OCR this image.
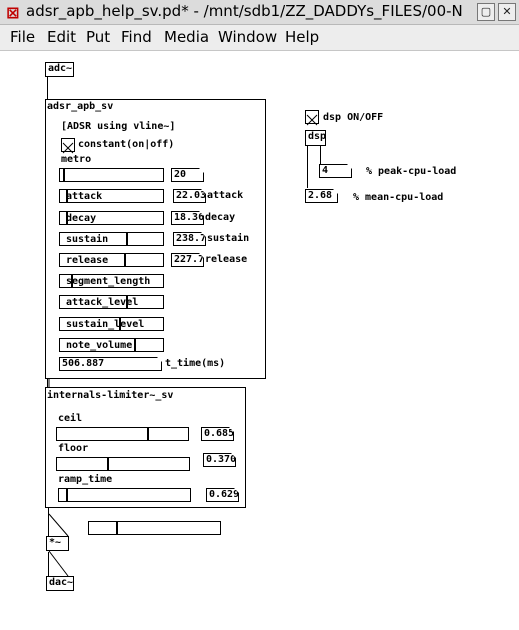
⊠ adsr_apb_help_sv.pd* - /mnt/sdb1/ZZ_DADDYs_FILES/00-N	▢	✕
File Edit Put Find Media Window Help
adc~
adsr_apb_sv
[ADSR using vline~]
constant(on|off)
metro
20
attack	22.03 attack
decay	18.36 decay
sustain	238.7 sustain
release	227.7 release
segment_length
attack_level
sustain_level
note_volume
506.887	t_time(ms)
internals-limiter~_sv
ceil
0.685
floor
0.370
ramp_time
0.629
*~
dac~
dsp ON/OFF
dsp
4	% peak-cpu-load
2.68	% mean-cpu-load
